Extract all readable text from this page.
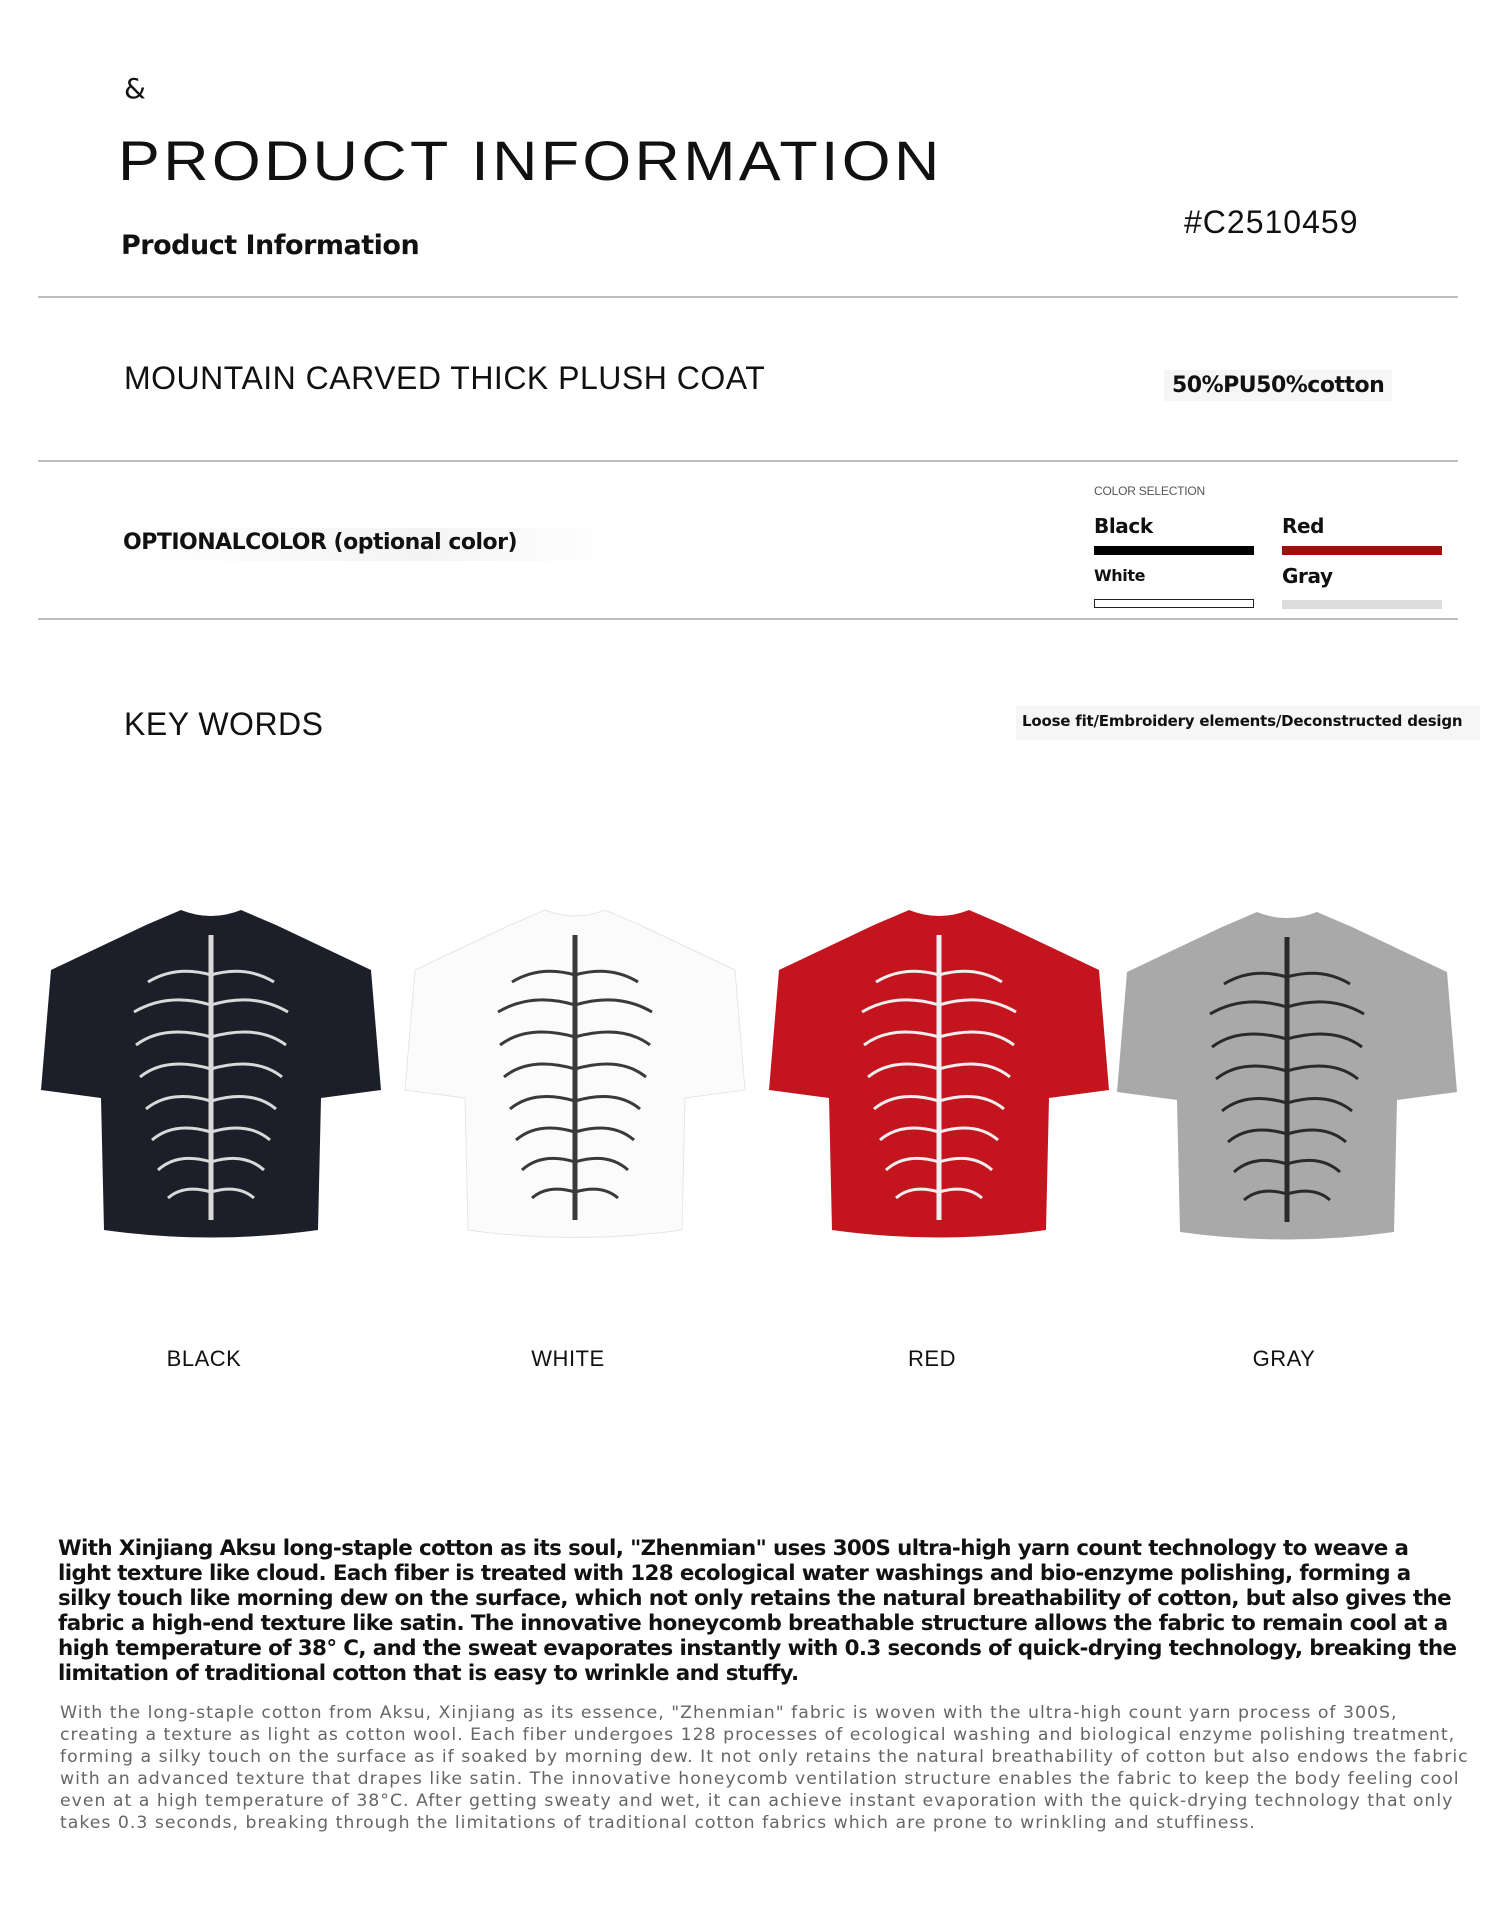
&
PRODUCT INFORMATION
Product Information
#C2510459
MOUNTAIN CARVED THICK PLUSH COAT	50%PU50%cotton
OPTIONALCOLOR (optional color)
COLOR SELECTION
Black	Red
White	Gray
KEY WORDS	Loose fit/Embroidery elements/Deconstructed design
BLACK	WHITE	RED	GRAY
With Xinjiang Aksu long-staple cotton as its soul, "Zhenmian" uses 300S ultra-high yarn count technology to weave a light texture like cloud. Each fiber is treated with 128 ecological water washings and bio-enzyme polishing, forming a silky touch like morning dew on the surface, which not only retains the natural breathability of cotton, but also gives the fabric a high-end texture like satin. The innovative honeycomb breathable structure allows the fabric to remain cool at a high temperature of 38° C, and the sweat evaporates instantly with 0.3 seconds of quick-drying technology, breaking the limitation of traditional cotton that is easy to wrinkle and stuffy.
With the long-staple cotton from Aksu, Xinjiang as its essence, "Zhenmian" fabric is woven with the ultra-high count yarn process of 300S, creating a texture as light as cotton wool. Each fiber undergoes 128 processes of ecological washing and biological enzyme polishing treatment, forming a silky touch on the surface as if soaked by morning dew. It not only retains the natural breathability of cotton but also endows the fabric with an advanced texture that drapes like satin. The innovative honeycomb ventilation structure enables the fabric to keep the body feeling cool even at a high temperature of 38°C. After getting sweaty and wet, it can achieve instant evaporation with the quick-drying technology that only takes 0.3 seconds, breaking through the limitations of traditional cotton fabrics which are prone to wrinkling and stuffiness.
